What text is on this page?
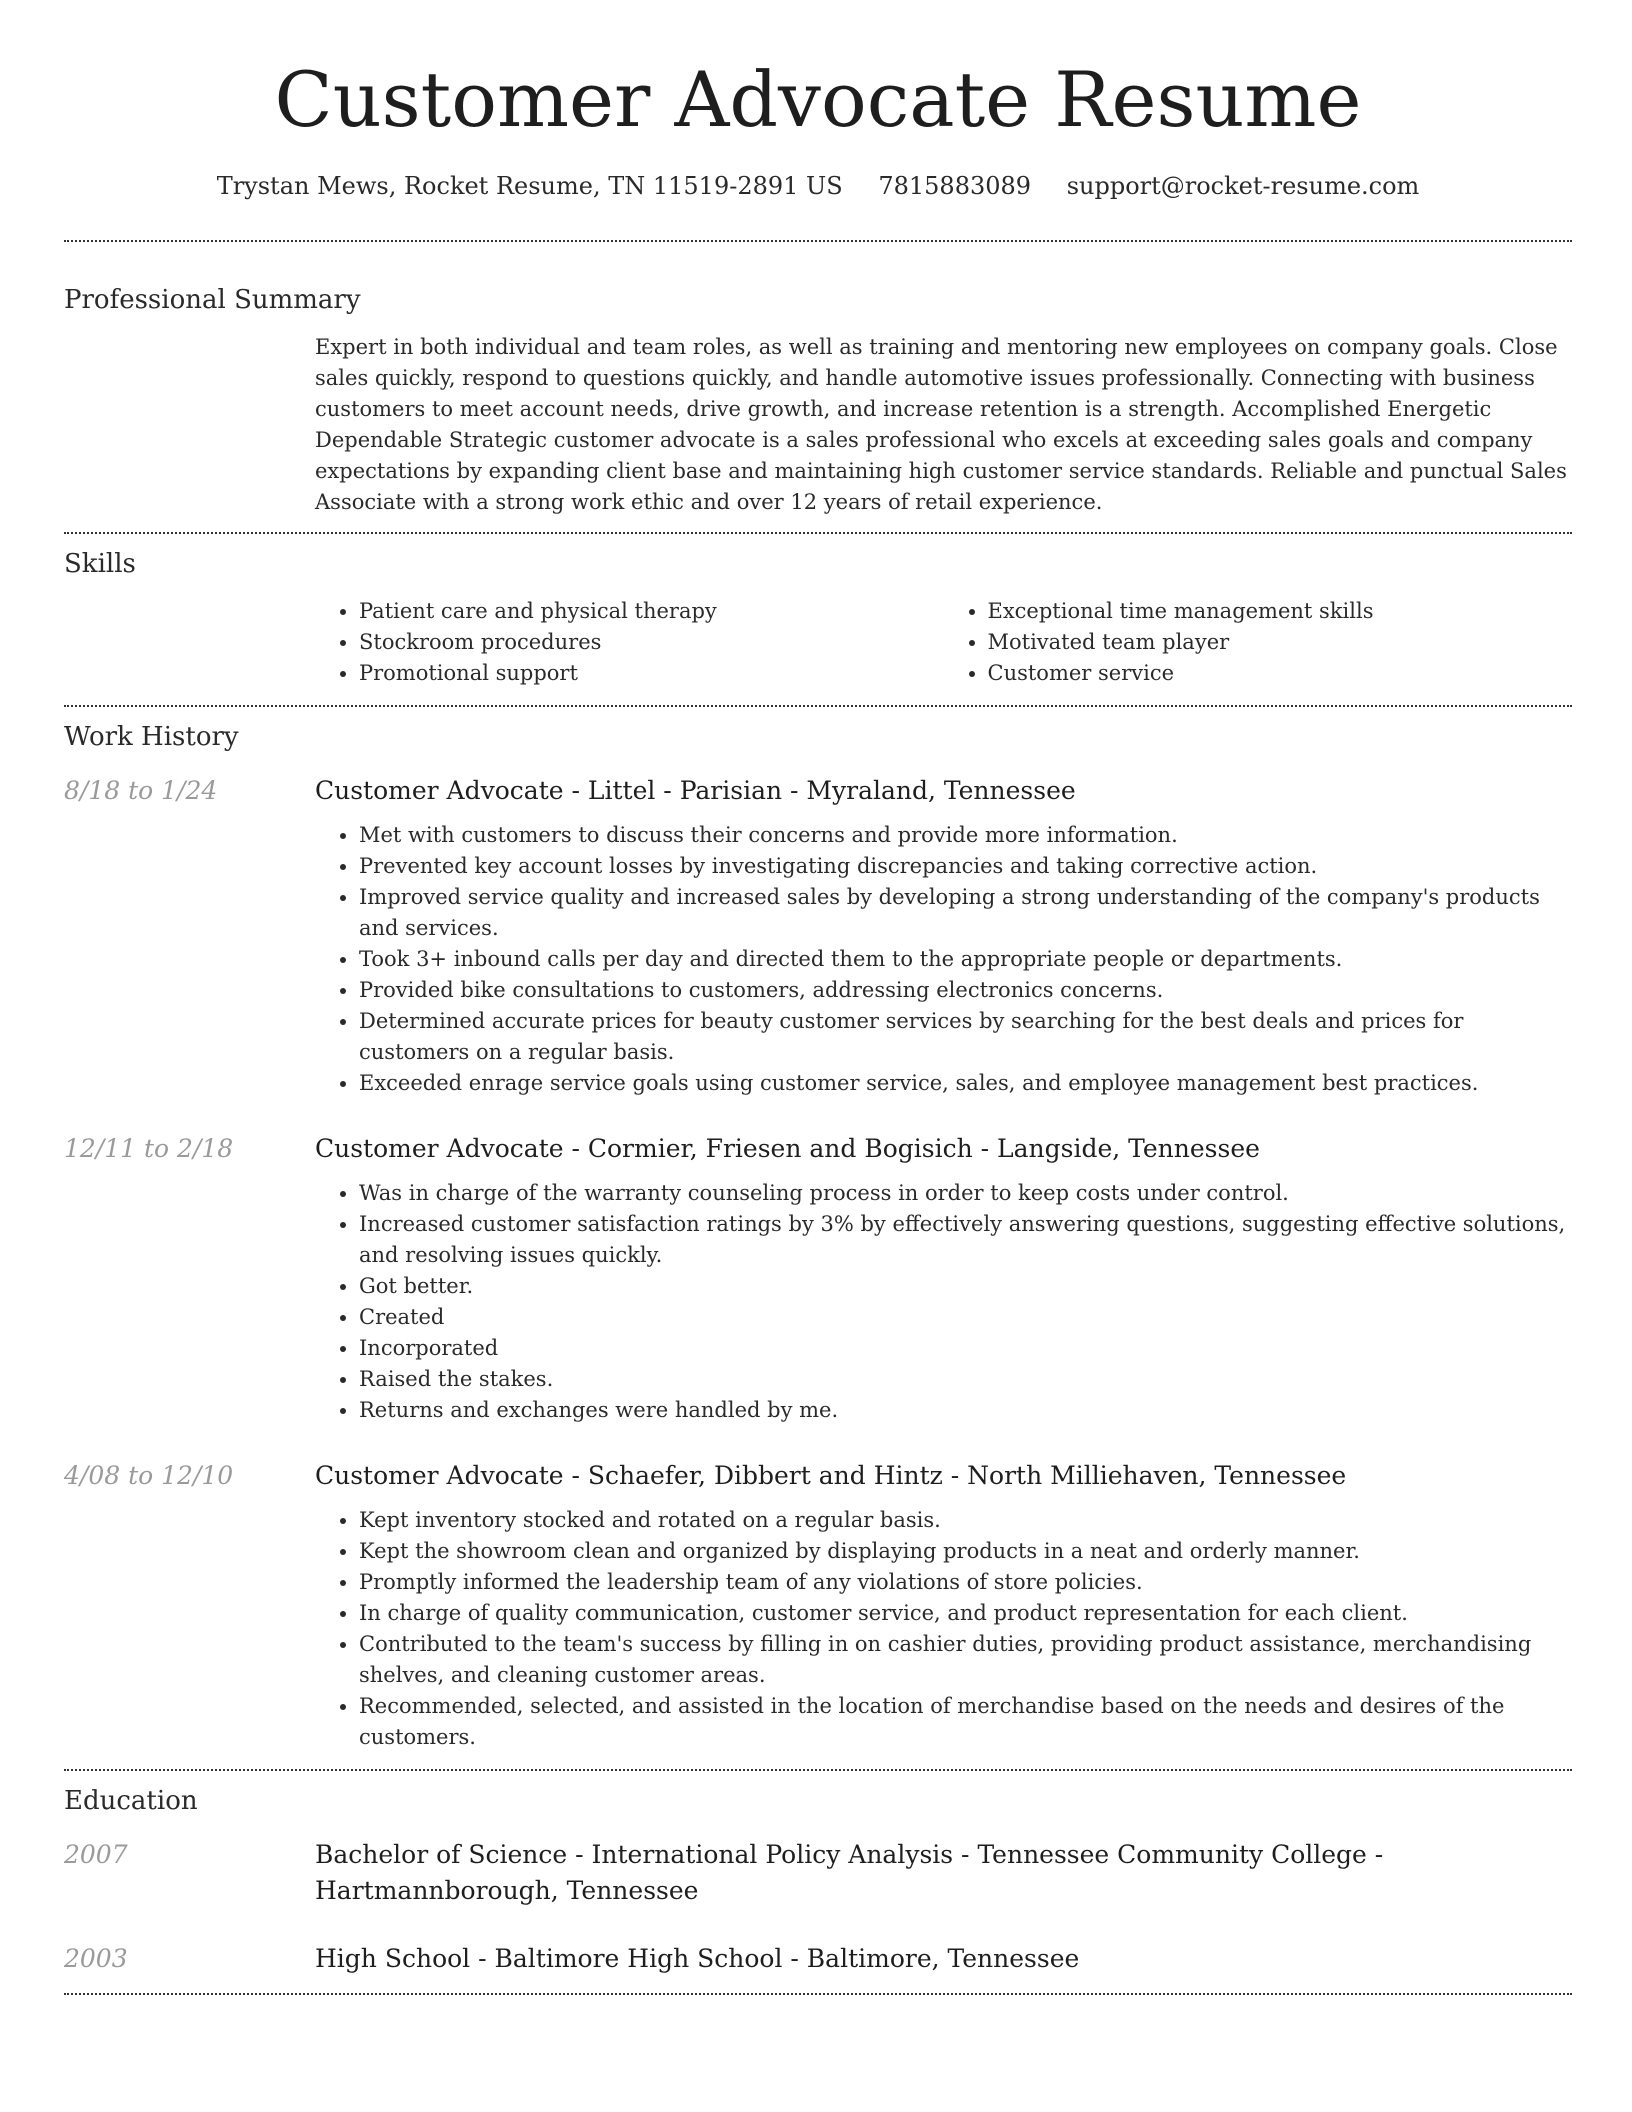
Customer Advocate Resume
Trystan Mews, Rocket Resume, TN 11519-2891 US 7815883089 support@rocket-resume.com
Professional Summary

Expert in both individual and team roles, as well as training and mentoring new employees on company goals. Close sales quickly, respond to questions quickly, and handle automotive issues professionally. Connecting with business customers to meet account needs, drive growth, and increase retention is a strength. Accomplished Energetic Dependable Strategic customer advocate is a sales professional who excels at exceeding sales goals and company expectations by expanding client base and maintaining high customer service standards. Reliable and punctual Sales Associate with a strong work ethic and over 12 years of retail experience.

Skills
• Patient care and physical therapy
• Stockroom procedures
• Promotional support
• Exceptional time management skills
• Motivated team player
• Customer service
Work History
8/18 to 1/24	Customer Advocate - Littel - Parisian - Myraland, Tennessee

• Met with customers to discuss their concerns and provide more information.
• Prevented key account losses by investigating discrepancies and taking corrective action.
• Improved service quality and increased sales by developing a strong understanding of the company's products and services.
• Took 3+ inbound calls per day and directed them to the appropriate people or departments.
• Provided bike consultations to customers, addressing electronics concerns.
• Determined accurate prices for beauty customer services by searching for the best deals and prices for customers on a regular basis.
• Exceeded enrage service goals using customer service, sales, and employee management best practices.
12/11 to 2/18	Customer Advocate - Cormier, Friesen and Bogisich - Langside, Tennessee

• Was in charge of the warranty counseling process in order to keep costs under control.
• Increased customer satisfaction ratings by 3% by effectively answering questions, suggesting effective solutions, and resolving issues quickly.
• Got better.
• Created
• Incorporated
• Raised the stakes.
• Returns and exchanges were handled by me.
4/08 to 12/10	Customer Advocate - Schaefer, Dibbert and Hintz - North Milliehaven, Tennessee

• Kept inventory stocked and rotated on a regular basis.
• Kept the showroom clean and organized by displaying products in a neat and orderly manner.
• Promptly informed the leadership team of any violations of store policies.
• In charge of quality communication, customer service, and product representation for each client.
• Contributed to the team's success by filling in on cashier duties, providing product assistance, merchandising shelves, and cleaning customer areas.
• Recommended, selected, and assisted in the location of merchandise based on the needs and desires of the customers.
Education
2007	Bachelor of Science - International Policy Analysis - Tennessee Community College - Hartmannborough, Tennessee

2003	High School - Baltimore High School - Baltimore, Tennessee
